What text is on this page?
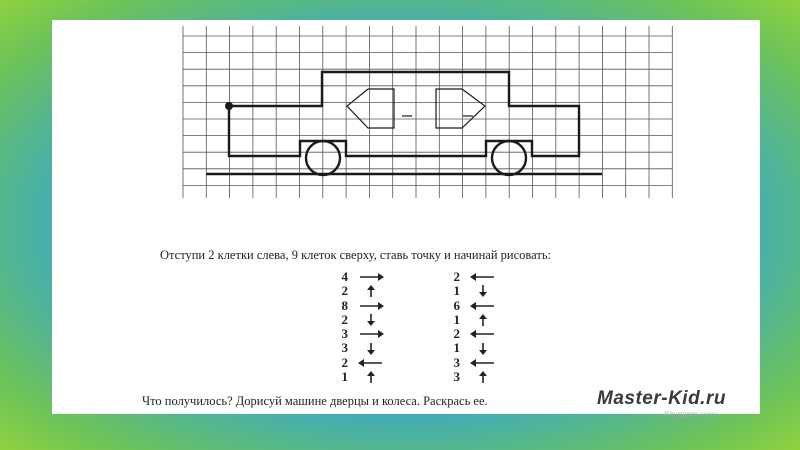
Отступи 2 клетки слева, 9 клеток сверху, ставь точку и начинай рисовать:
4
2
8
2
3
3
2
1
2
1
6
1
2
1
3
3
Что получилось? Дорисуй машине дверцы и колеса. Раскрась ее.	Master-Kid.ru
Клипарт-ники
